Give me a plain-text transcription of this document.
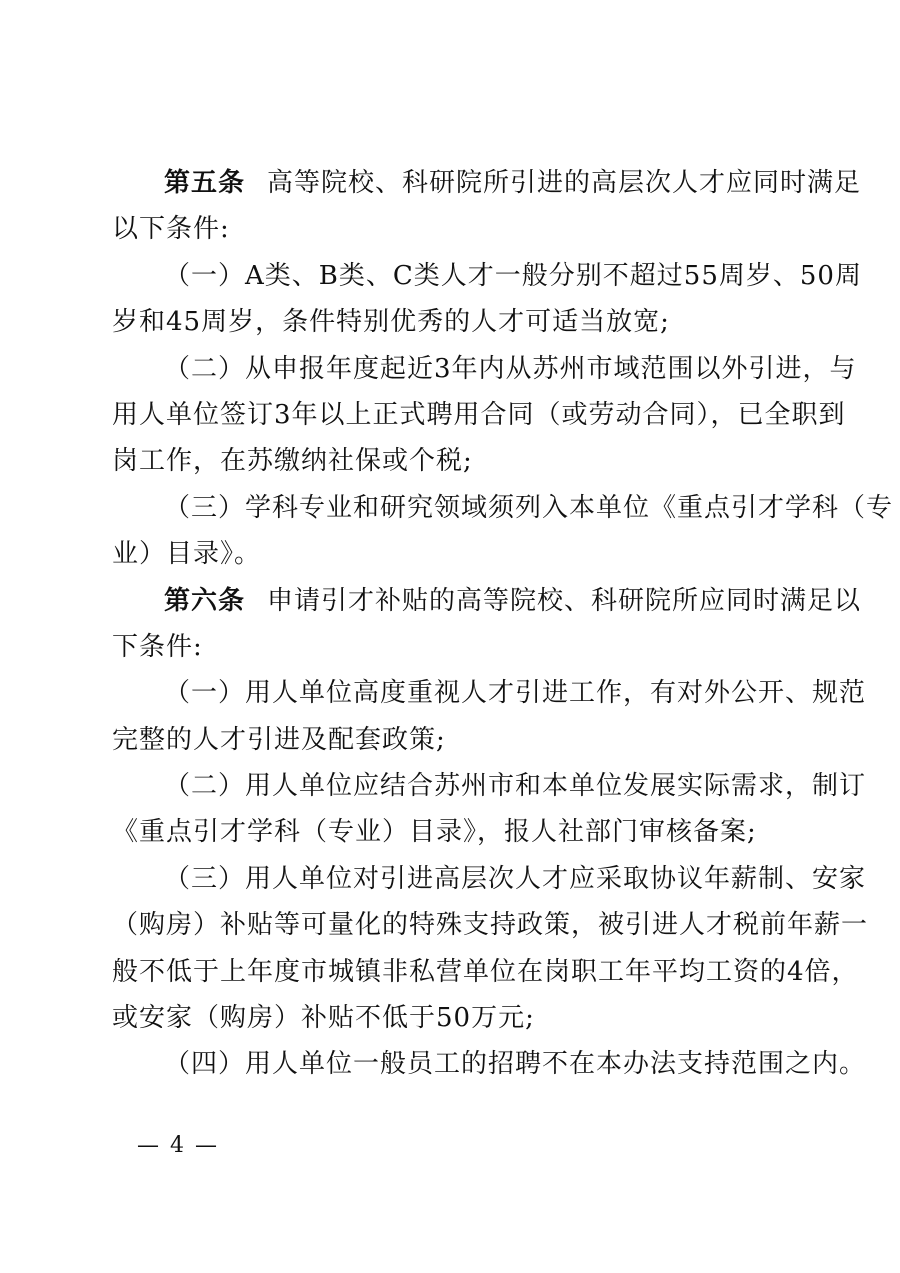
第五条 高等院校、科研院所引进的高层次人才应同时满足
以下条件:
（一）A类、B类、C类人才一般分别不超过55周岁、50周
岁和45周岁，条件特别优秀的人才可适当放宽;
（二）从申报年度起近3年内从苏州市域范围以外引进，与
用人单位签订3年以上正式聘用合同（或劳动合同），已全职到
岗工作，在苏缴纳社保或个税;
（三）学科专业和研究领域须列入本单位《重点引才学科（专
业）目录》。
第六条 申请引才补贴的高等院校、科研院所应同时满足以
下条件:
（一）用人单位高度重视人才引进工作，有对外公开、规范
完整的人才引进及配套政策;
（二）用人单位应结合苏州市和本单位发展实际需求，制订
《重点引才学科（专业）目录》，报人社部门审核备案;
（三）用人单位对引进高层次人才应采取协议年薪制、安家
（购房）补贴等可量化的特殊支持政策，被引进人才税前年薪一
般不低于上年度市城镇非私营单位在岗职工年平均工资的4倍，
或安家（购房）补贴不低于50万元;
（四）用人单位一般员工的招聘不在本办法支持范围之内。
— 4 —
